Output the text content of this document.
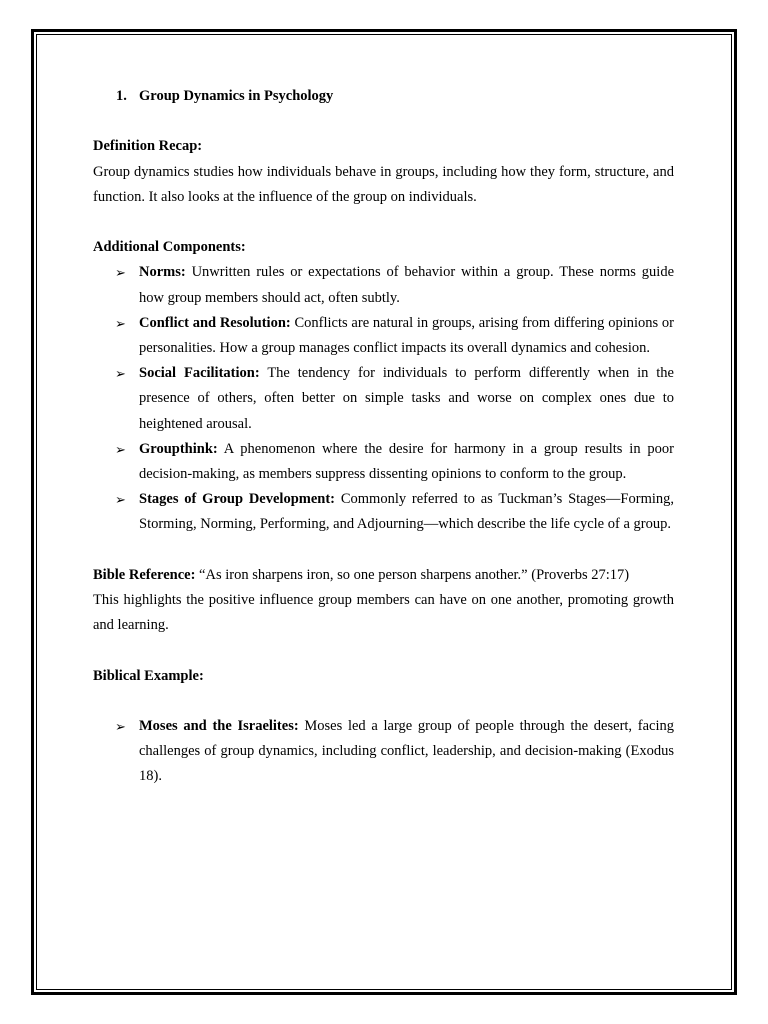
1. Group Dynamics in Psychology
Definition Recap:
Group dynamics studies how individuals behave in groups, including how they form, structure, and function. It also looks at the influence of the group on individuals.
Additional Components:
➢ Norms: Unwritten rules or expectations of behavior within a group. These norms guide how group members should act, often subtly.
➢ Conflict and Resolution: Conflicts are natural in groups, arising from differing opinions or personalities. How a group manages conflict impacts its overall dynamics and cohesion.
➢ Social Facilitation: The tendency for individuals to perform differently when in the presence of others, often better on simple tasks and worse on complex ones due to heightened arousal.
➢ Groupthink: A phenomenon where the desire for harmony in a group results in poor decision-making, as members suppress dissenting opinions to conform to the group.
➢ Stages of Group Development: Commonly referred to as Tuckman’s Stages—Forming, Storming, Norming, Performing, and Adjourning—which describe the life cycle of a group.
Bible Reference: “As iron sharpens iron, so one person sharpens another.” (Proverbs 27:17)
This highlights the positive influence group members can have on one another, promoting growth and learning.
Biblical Example:
➢ Moses and the Israelites: Moses led a large group of people through the desert, facing challenges of group dynamics, including conflict, leadership, and decision-making (Exodus 18).
